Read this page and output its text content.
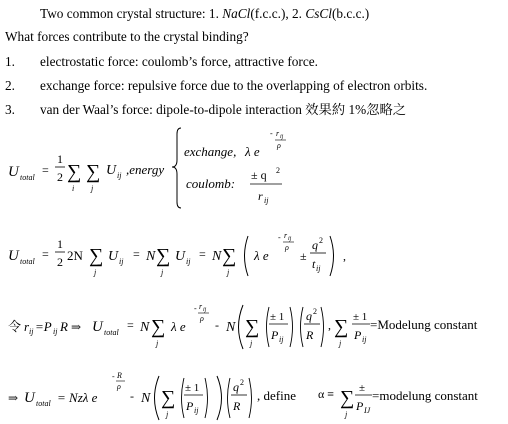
Two common crystal structure: 1. NaCl(f.c.c.), 2. CsCl(b.c.c.)
What forces contribute to the crystal binding?
1. electrostatic force: coulomb’s force, attractive force.
2. exchange force: repulsive force due to the overlapping of electron orbits.
3. van der Waal’s force: dipole-to-dipole interaction 效果約 1%忽略之
U total
=
1
2 ∑
i
∑
j
U ij ,energy
exchange, λ e
- r ij
ρ
coulomb:
± q 2
r ij
U total
=
1
2 2N ∑
j
U ij
= N ∑
j
U ij
= N ∑
j
λ e
- r ij
ρ
±
q 2
t ij
,
令 r ij =P ij R ⇒ U total
= N ∑
j
λ e
- r ij
ρ - N ∑
j
± 1
P ij
q 2
R
, ∑
j
± 1
P ij
=Modelung constant
⇒ U total = Nzλ e
- R
ρ
- N ∑
j
± 1
P ij
q 2
R
, define α ≡ ∑
j
±
P IJ
=modelung constant
